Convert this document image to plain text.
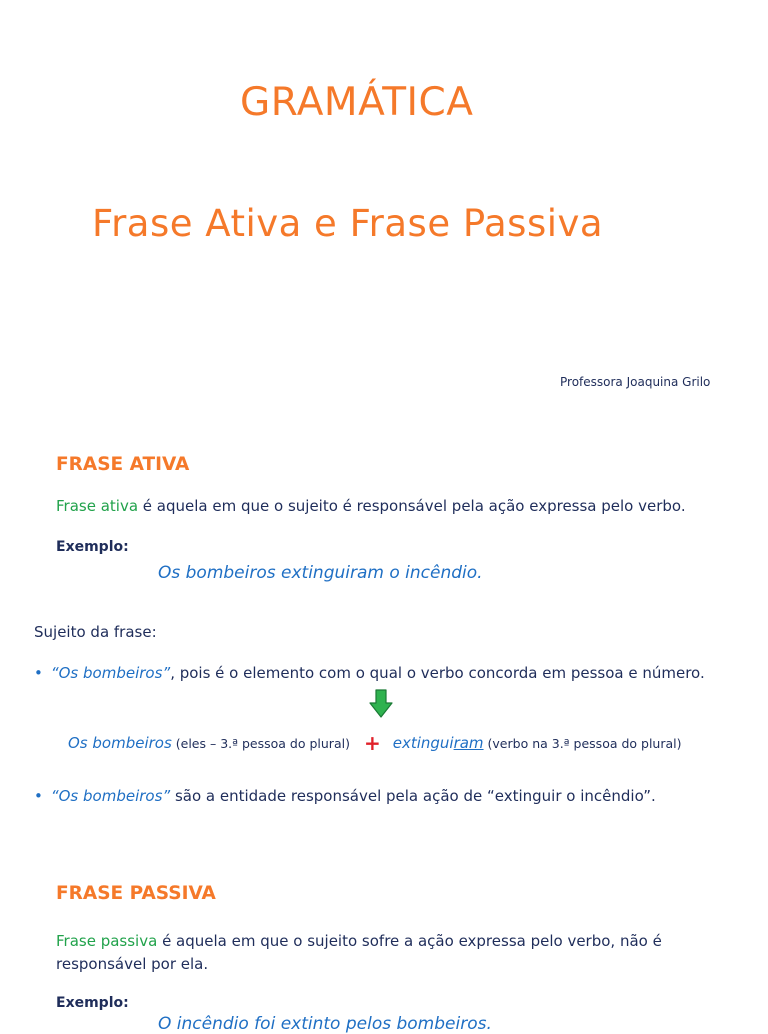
GRAMÁTICA
Frase Ativa e Frase Passiva
Professora Joaquina Grilo
FRASE ATIVA
Frase ativa é aquela em que o sujeito é responsável pela ação expressa pelo verbo.
Exemplo:
Os bombeiros extinguiram o incêndio.
Sujeito da frase:
• “Os bombeiros”, pois é o elemento com o qual o verbo concorda em pessoa e número.
Os bombeiros (eles – 3.ª pessoa do plural) + extinguiram (verbo na 3.ª pessoa do plural)
• “Os bombeiros” são a entidade responsável pela ação de “extinguir o incêndio”.
FRASE PASSIVA
Frase passiva é aquela em que o sujeito sofre a ação expressa pelo verbo, não é responsável por ela.
Exemplo:
O incêndio foi extinto pelos bombeiros.
